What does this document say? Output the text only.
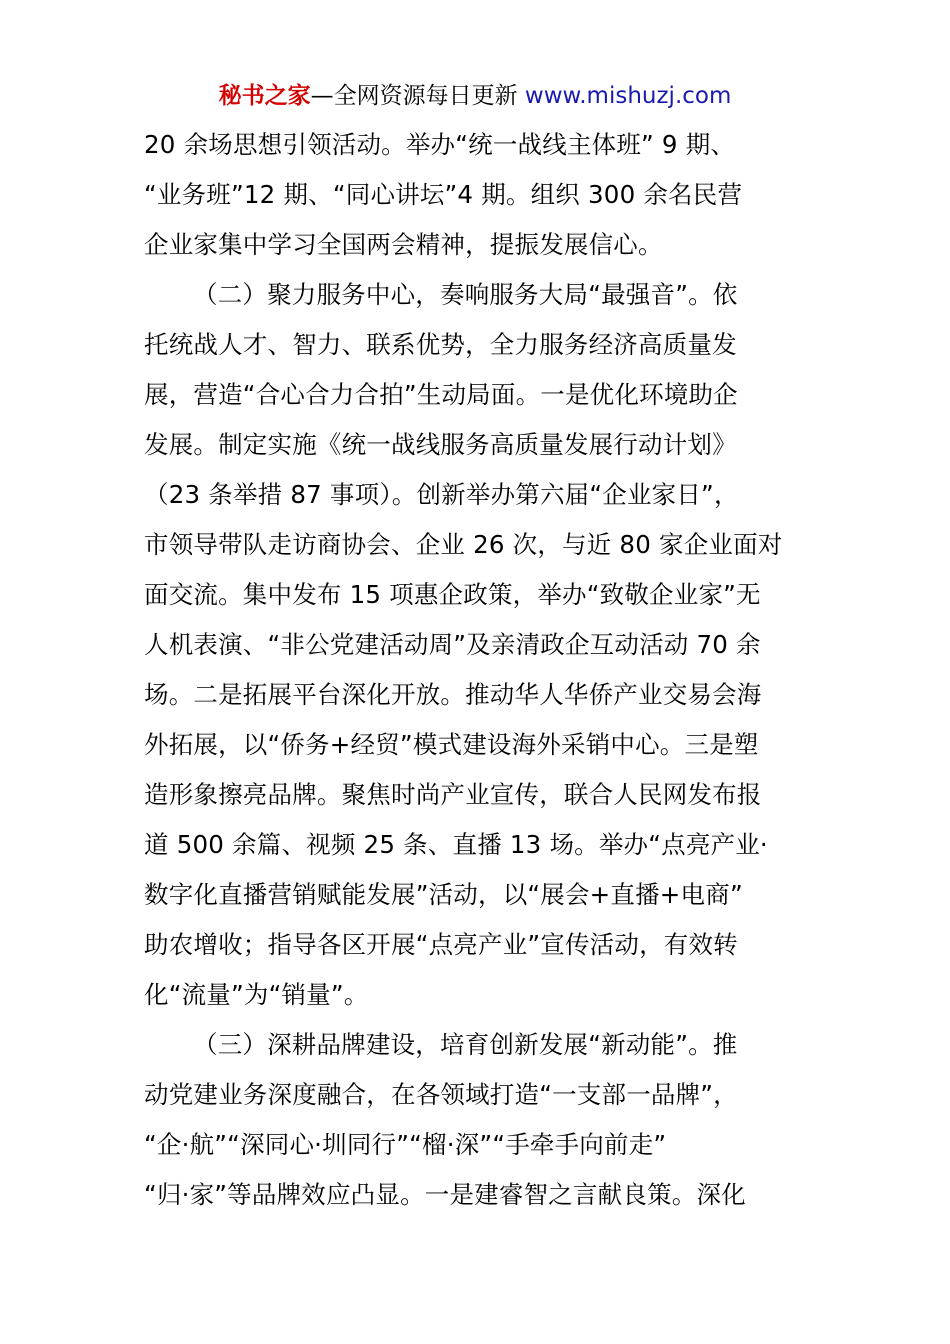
秘书之家—全网资源每日更新 www.mishuzj.com
20 余场思想引领活动。举办“统一战线主体班” 9 期、
“业务班”12 期、“同心讲坛”4 期。组织 300 余名民营
企业家集中学习全国两会精神，提振发展信心。
（二）聚力服务中心，奏响服务大局“最强音”。依
托统战人才、智力、联系优势，全力服务经济高质量发
展，营造“合心合力合拍”生动局面。一是优化环境助企
发展。制定实施《统一战线服务高质量发展行动计划》
（23 条举措 87 事项）。创新举办第六届“企业家日”，
市领导带队走访商协会、企业 26 次，与近 80 家企业面对
面交流。集中发布 15 项惠企政策，举办“致敬企业家”无
人机表演、“非公党建活动周”及亲清政企互动活动 70 余
场。二是拓展平台深化开放。推动华人华侨产业交易会海
外拓展，以“侨务+经贸”模式建设海外采销中心。三是塑
造形象擦亮品牌。聚焦时尚产业宣传，联合人民网发布报
道 500 余篇、视频 25 条、直播 13 场。举办“点亮产业·
数字化直播营销赋能发展”活动，以“展会+直播+电商”
助农增收；指导各区开展“点亮产业”宣传活动，有效转
化“流量”为“销量”。
（三）深耕品牌建设，培育创新发展“新动能”。推
动党建业务深度融合，在各领域打造“一支部一品牌”，
“企·航”“深同心·圳同行”“榴·深”“手牵手向前走”
“归·家”等品牌效应凸显。一是建睿智之言献良策。深化
